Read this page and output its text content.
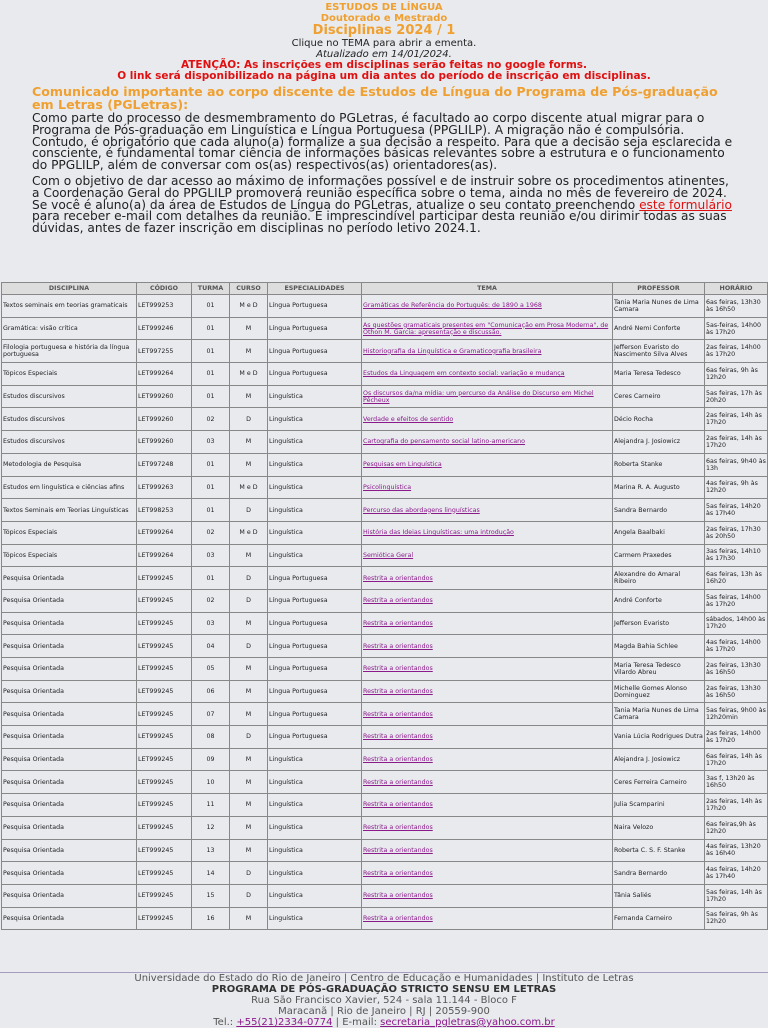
ESTUDOS DE LÍNGUA
Doutorado e Mestrado
Disciplinas 2024 / 1
Clique no TEMA para abrir a ementa.
Atualizado em 14/01/2024.
ATENÇÃO: As inscrições em disciplinas serão feitas no google forms.
O link será disponibilizado na página um dia antes do período de inscrição em disciplinas.
Comunicado importante ao corpo discente de Estudos de Língua do Programa de Pós-graduação em Letras (PGLetras):

Como parte do processo de desmembramento do PGLetras, é facultado ao corpo discente atual migrar para o Programa de Pós-graduação em Linguística e Língua Portuguesa (PPGLILP). A migração não é compulsória. Contudo, é obrigatório que cada aluno(a) formalize a sua decisão a respeito. Para que a decisão seja esclarecida e consciente, é fundamental tomar ciência de informações básicas relevantes sobre a estrutura e o funcionamento do PPGLILP, além de conversar com os(as) respectivos(as) orientadores(as).

Com o objetivo de dar acesso ao máximo de informações possível e de instruir sobre os procedimentos atinentes, a Coordenação Geral do PPGLILP promoverá reunião específica sobre o tema, ainda no mês de fevereiro de 2024. Se você é aluno(a) da área de Estudos de Língua do PGLetras, atualize o seu contato preenchendo este formulário para receber e-mail com detalhes da reunião. É imprescindível participar desta reunião e/ou dirimir todas as suas dúvidas, antes de fazer inscrição em disciplinas no período letivo 2024.1.

DISCIPLINA	CÓDIGO	TURMA	CURSO	ESPECIALIDADES	TEMA	PROFESSOR	HORÁRIO
Textos seminais em teorias gramaticais	LET999253	01	M e D	Língua Portuguesa	Gramáticas de Referência do Português: de 1890 a 1968	Tania Maria Nunes de Lima Camara	6as feiras, 13h30 às 16h50
Gramática: visão crítica	LET999246	01	M	Língua Portuguesa	As questões gramaticais presentes em "Comunicação em Prosa Moderna", de Othon M. Garcia: apresentação e discussão.	André Nemi Conforte	5as-feiras, 14h00 às 17h20
Filologia portuguesa e história da língua portuguesa	LET997255	01	M	Língua Portuguesa	Historiografia da Linguística e Gramaticografia brasileira	Jefferson Evaristo do Nascimento Silva Alves	2as feiras, 14h00 às 17h20
Tópicos Especiais	LET999264	01	M e D	Língua Portuguesa	Estudos da Linguagem em contexto social: variação e mudança	Maria Teresa Tedesco	6as feiras, 9h às 12h20
Estudos discursivos	LET999260	01	M	Linguística	Os discursos da/na mídia: um percurso da Análise do Discurso em Michel Pêcheux	Ceres Carneiro	5as feiras, 17h às 20h20
Estudos discursivos	LET999260	02	D	Linguística	Verdade e efeitos de sentido	Décio Rocha	2as feiras, 14h às 17h20
Estudos discursivos	LET999260	03	M	Linguística	Cartografia do pensamento social latino-americano	Alejandra J. Josiowicz	2as feiras, 14h às 17h20
Metodologia de Pesquisa	LET997248	01	M	Linguística	Pesquisas em Linguística	Roberta Stanke	6as feiras, 9h40 às 13h
Estudos em linguística e ciências afins	LET999263	01	M e D	Linguística	Psicolinguística	Marina R. A. Augusto	4as feiras, 9h às 12h20
Textos Seminais em Teorias Linguísticas	LET998253	01	D	Linguística	Percurso das abordagens linguísticas	Sandra Bernardo	5as feiras, 14h20 às 17h40
Tópicos Especiais	LET999264	02	M e D	Linguística	História das Ideias Linguísticas: uma introdução	Angela Baalbaki	2as feiras, 17h30 às 20h50
Tópicos Especiais	LET999264	03	M	Linguística	Semiótica Geral	Carmem Praxedes	3as feiras, 14h10 às 17h30
Pesquisa Orientada	LET999245	01	D	Língua Portuguesa	Restrita a orientandos	Alexandre do Amaral Ribeiro	6as feiras, 13h às 16h20
Pesquisa Orientada	LET999245	02	D	Língua Portuguesa	Restrita a orientandos	André Conforte	5as feiras, 14h00 às 17h20
Pesquisa Orientada	LET999245	03	M	Língua Portuguesa	Restrita a orientandos	Jefferson Evaristo	sábados, 14h00 às 17h20
Pesquisa Orientada	LET999245	04	D	Língua Portuguesa	Restrita a orientandos	Magda Bahia Schlee	4as feiras, 14h00 às 17h20
Pesquisa Orientada	LET999245	05	M	Língua Portuguesa	Restrita a orientandos	Maria Teresa Tedesco Vilardo Abreu	2as feiras, 13h30 às 16h50
Pesquisa Orientada	LET999245	06	M	Língua Portuguesa	Restrita a orientandos	Michelle Gomes Alonso Dominguez	2as feiras, 13h30 às 16h50
Pesquisa Orientada	LET999245	07	M	Língua Portuguesa	Restrita a orientandos	Tania Maria Nunes de Lima Camara	5as feiras, 9h00 às 12h20min
Pesquisa Orientada	LET999245	08	D	Língua Portuguesa	Restrita a orientandos	Vania Lúcia Rodrigues Dutra	2as feiras, 14h00 às 17h20
Pesquisa Orientada	LET999245	09	M	Linguística	Restrita a orientandos	Alejandra J. Josiowicz	6as feiras, 14h às 17h20
Pesquisa Orientada	LET999245	10	M	Linguística	Restrita a orientandos	Ceres Ferreira Carneiro	3as f, 13h20 às 16h50
Pesquisa Orientada	LET999245	11	M	Linguística	Restrita a orientandos	Julia Scamparini	2as feiras, 14h às 17h20
Pesquisa Orientada	LET999245	12	M	Linguística	Restrita a orientandos	Naira Velozo	6as feiras,9h às 12h20
Pesquisa Orientada	LET999245	13	M	Linguística	Restrita a orientandos	Roberta C. S. F. Stanke	4as feiras, 13h20 às 16h40
Pesquisa Orientada	LET999245	14	D	Linguística	Restrita a orientandos	Sandra Bernardo	4as feiras, 14h20 às 17h40
Pesquisa Orientada	LET999245	15	D	Linguística	Restrita a orientandos	Tânia Saliés	5as feiras, 14h às 17h20
Pesquisa Orientada	LET999245	16	M	Linguística	Restrita a orientandos	Fernanda Carneiro	5as feiras, 9h às 12h20
Universidade do Estado do Rio de Janeiro | Centro de Educação e Humanidades | Instituto de Letras
PROGRAMA DE PÓS-GRADUAÇÃO STRICTO SENSU EM LETRAS
Rua São Francisco Xavier, 524 - sala 11.144 - Bloco F
Maracanã | Rio de Janeiro | RJ | 20559-900
Tel.: +55(21)2334-0774 | E-mail: secretaria_pgletras@yahoo.com.br
